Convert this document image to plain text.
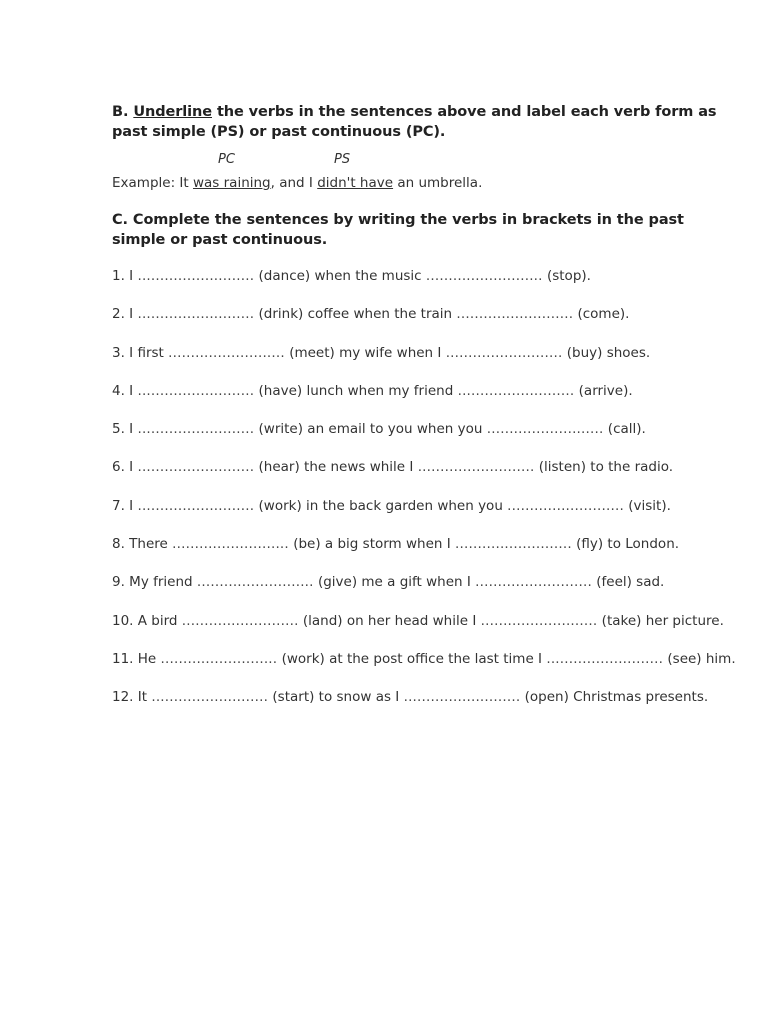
B. Underline the verbs in the sentences above and label each verb form as past simple (PS) or past continuous (PC).
PC	PS
Example: It was raining, and I didn't have an umbrella.
C. Complete the sentences by writing the verbs in brackets in the past simple or past continuous.
1. I .......................... (dance) when the music .......................... (stop).
2. I .......................... (drink) coffee when the train .......................... (come).
3. I first .......................... (meet) my wife when I .......................... (buy) shoes.
4. I .......................... (have) lunch when my friend .......................... (arrive).
5. I .......................... (write) an email to you when you .......................... (call).
6. I .......................... (hear) the news while I .......................... (listen) to the radio.
7. I .......................... (work) in the back garden when you .......................... (visit).
8. There .......................... (be) a big storm when I .......................... (fly) to London.
9. My friend .......................... (give) me a gift when I .......................... (feel) sad.
10. A bird .......................... (land) on her head while I .......................... (take) her picture.
11. He .......................... (work) at the post office the last time I .......................... (see) him.
12. It .......................... (start) to snow as I .......................... (open) Christmas presents.
